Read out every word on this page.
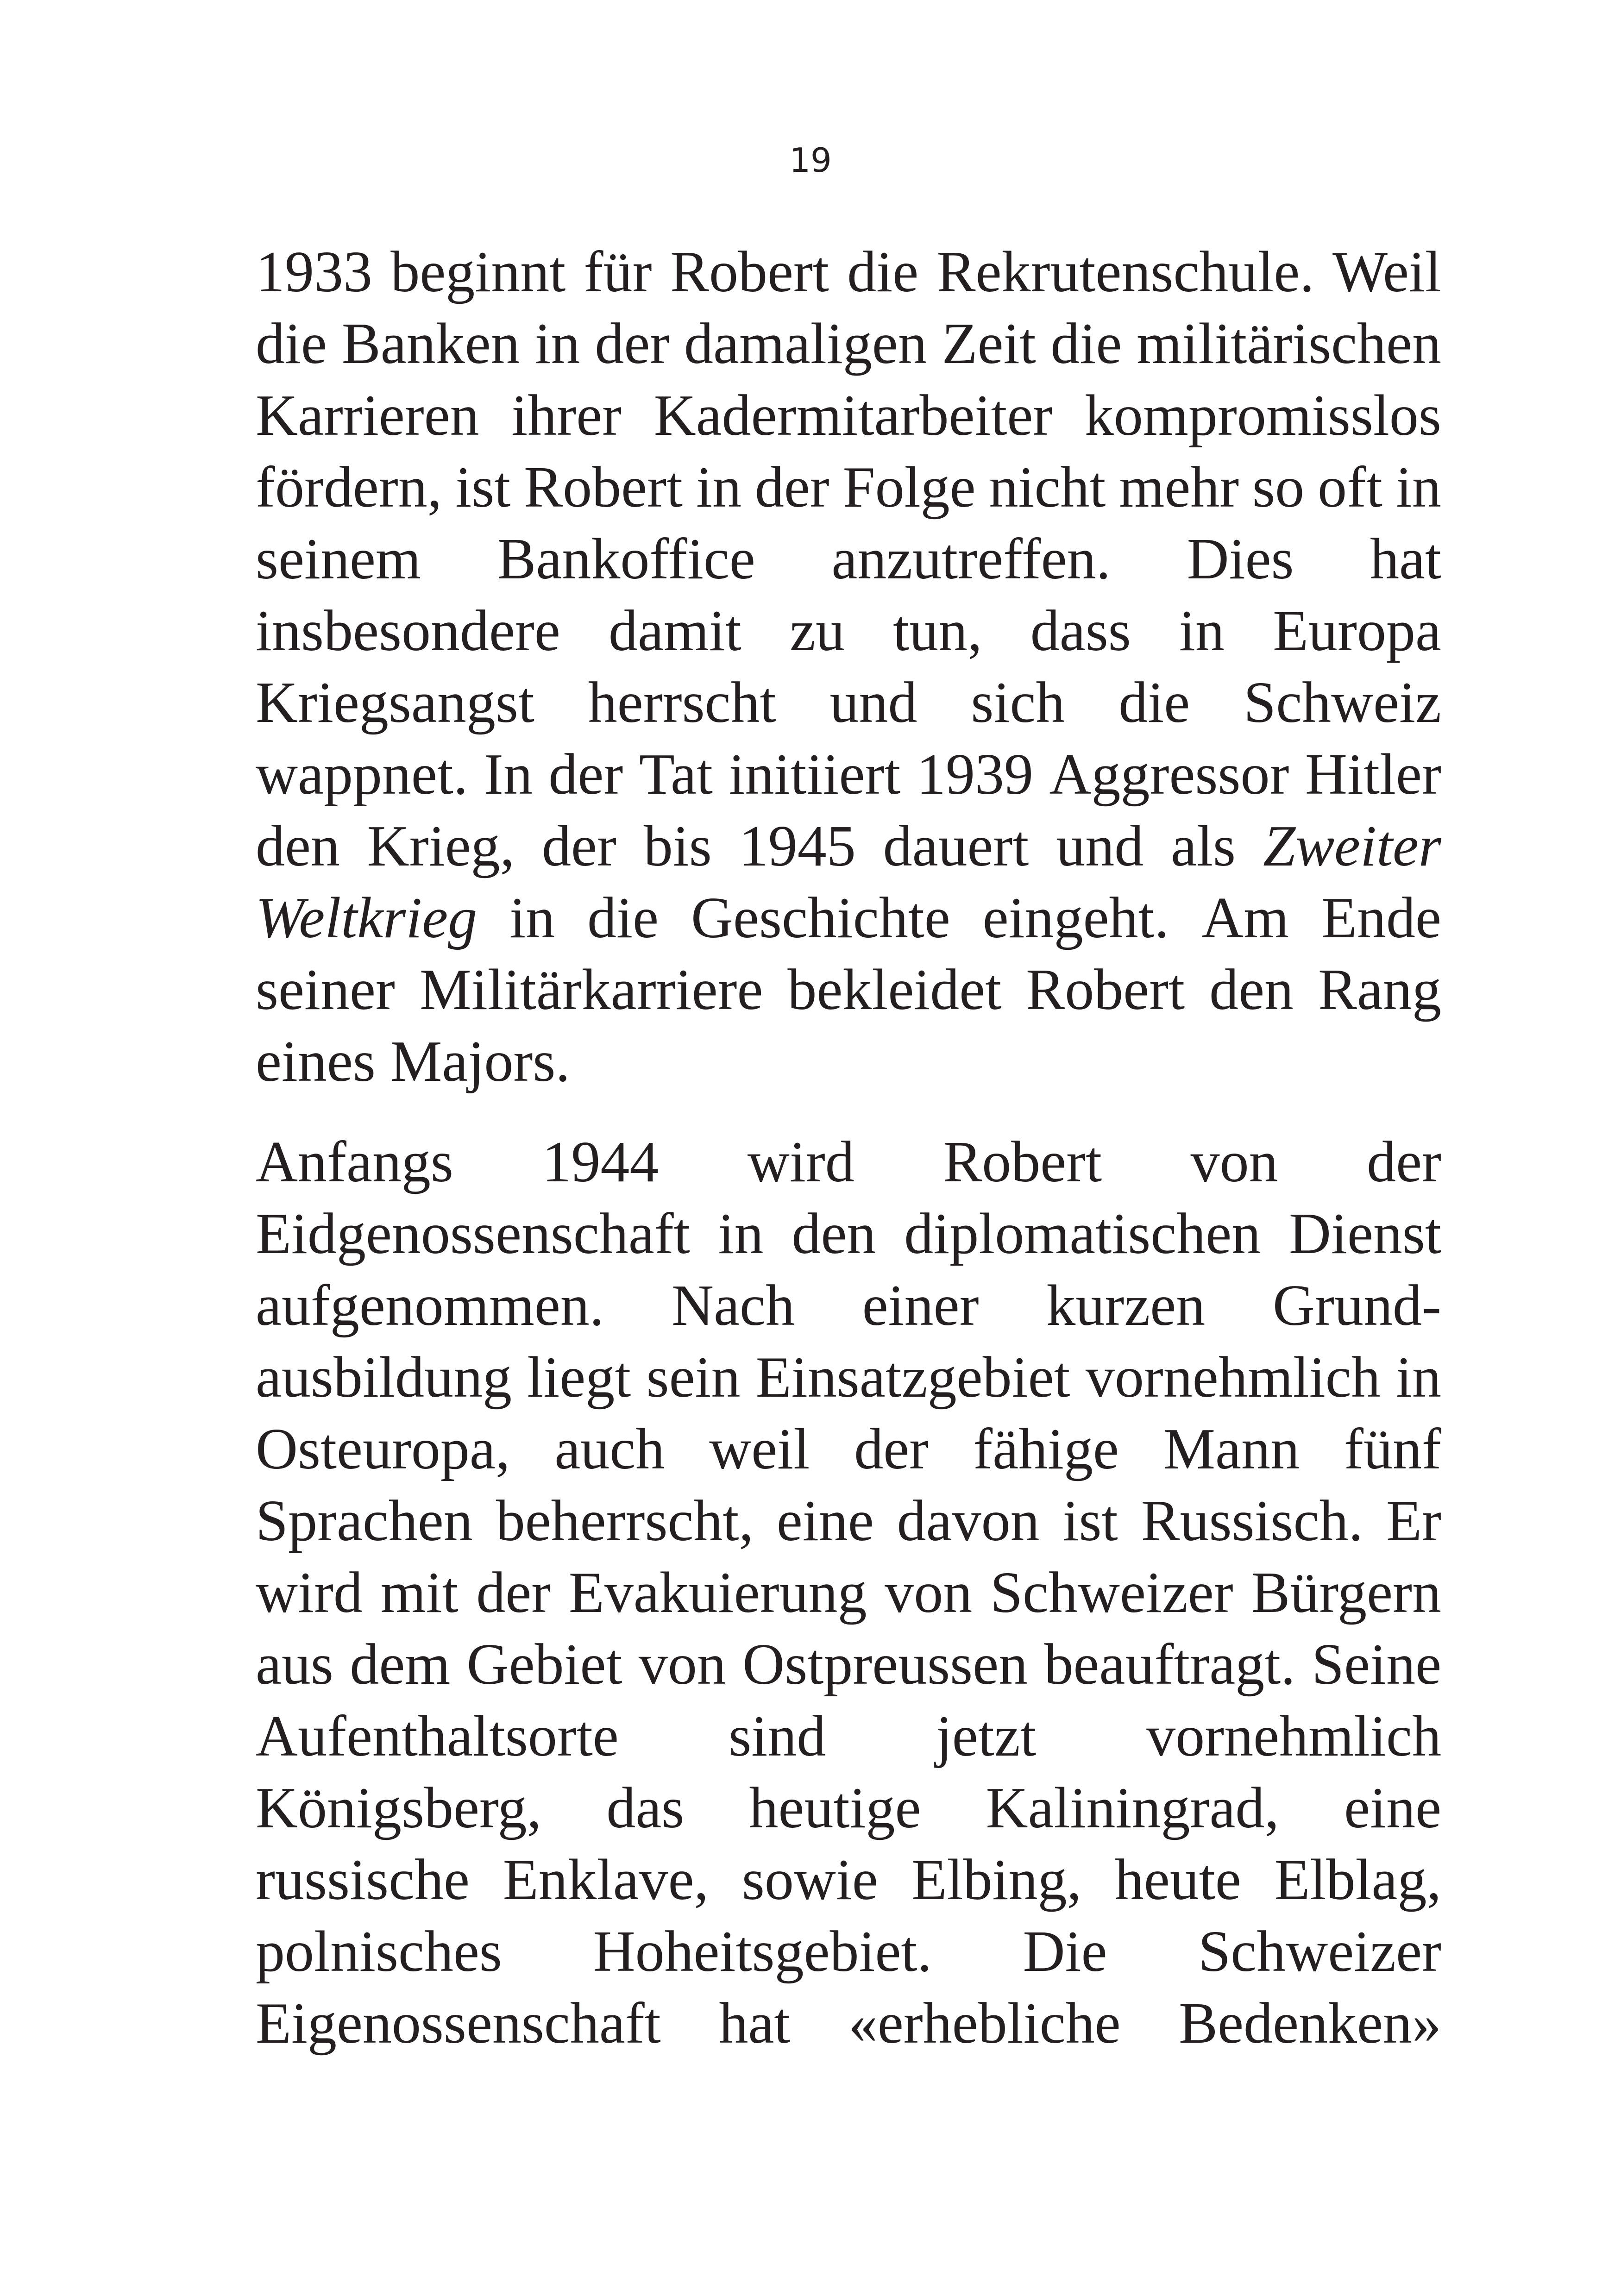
19
1933 beginnt für Robert die Rekrutenschule. Weil
die Banken in der damaligen Zeit die militärischen
Karrieren ihrer Kadermitarbeiter kompromisslos
fördern, ist Robert in der Folge nicht mehr so oft in
seinem Bankoffice anzutreffen. Dies hat
insbesondere damit zu tun, dass in Europa
Kriegsangst herrscht und sich die Schweiz
wappnet. In der Tat initiiert 1939 Aggressor Hitler
den Krieg, der bis 1945 dauert und als Zweiter
Weltkrieg in die Geschichte eingeht. Am Ende
seiner Militärkarriere bekleidet Robert den Rang
eines Majors.
Anfangs 1944 wird Robert von der
Eidgenossenschaft in den diplomatischen Dienst
aufgenommen. Nach einer kurzen Grund-
ausbildung liegt sein Einsatzgebiet vornehmlich in
Osteuropa, auch weil der fähige Mann fünf
Sprachen beherrscht, eine davon ist Russisch. Er
wird mit der Evakuierung von Schweizer Bürgern
aus dem Gebiet von Ostpreussen beauftragt. Seine
Aufenthaltsorte sind jetzt vornehmlich
Königsberg, das heutige Kaliningrad, eine
russische Enklave, sowie Elbing, heute Elblag,
polnisches Hoheitsgebiet. Die Schweizer
Eigenossenschaft hat «erhebliche Bedenken»
